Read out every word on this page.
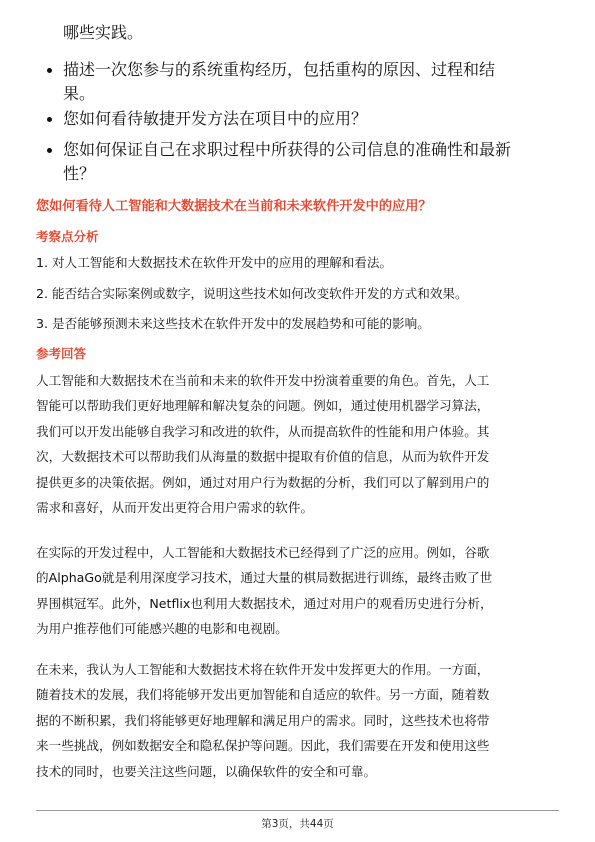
哪些实践。
描述一次您参与的系统重构经历，包括重构的原因、过程和结
果。
您如何看待敏捷开发方法在项目中的应用？
您如何保证自己在求职过程中所获得的公司信息的准确性和最新
性？
您如何看待人工智能和大数据技术在当前和未来软件开发中的应用？
考察点分析
1. 对人工智能和大数据技术在软件开发中的应用的理解和看法。
2. 能否结合实际案例或数字，说明这些技术如何改变软件开发的方式和效果。
3. 是否能够预测未来这些技术在软件开发中的发展趋势和可能的影响。
参考回答
人工智能和大数据技术在当前和未来的软件开发中扮演着重要的角色。首先，人工
智能可以帮助我们更好地理解和解决复杂的问题。例如，通过使用机器学习算法，
我们可以开发出能够自我学习和改进的软件，从而提高软件的性能和用户体验。其
次，大数据技术可以帮助我们从海量的数据中提取有价值的信息，从而为软件开发
提供更多的决策依据。例如，通过对用户行为数据的分析，我们可以了解到用户的
需求和喜好，从而开发出更符合用户需求的软件。
在实际的开发过程中，人工智能和大数据技术已经得到了广泛的应用。例如，谷歌
的AlphaGo就是利用深度学习技术，通过大量的棋局数据进行训练，最终击败了世
界围棋冠军。此外，Netflix也利用大数据技术，通过对用户的观看历史进行分析，
为用户推荐他们可能感兴趣的电影和电视剧。
在未来，我认为人工智能和大数据技术将在软件开发中发挥更大的作用。一方面，
随着技术的发展，我们将能够开发出更加智能和自适应的软件。另一方面，随着数
据的不断积累，我们将能够更好地理解和满足用户的需求。同时，这些技术也将带
来一些挑战，例如数据安全和隐私保护等问题。因此，我们需要在开发和使用这些
技术的同时，也要关注这些问题，以确保软件的安全和可靠。
第3页，共44页
